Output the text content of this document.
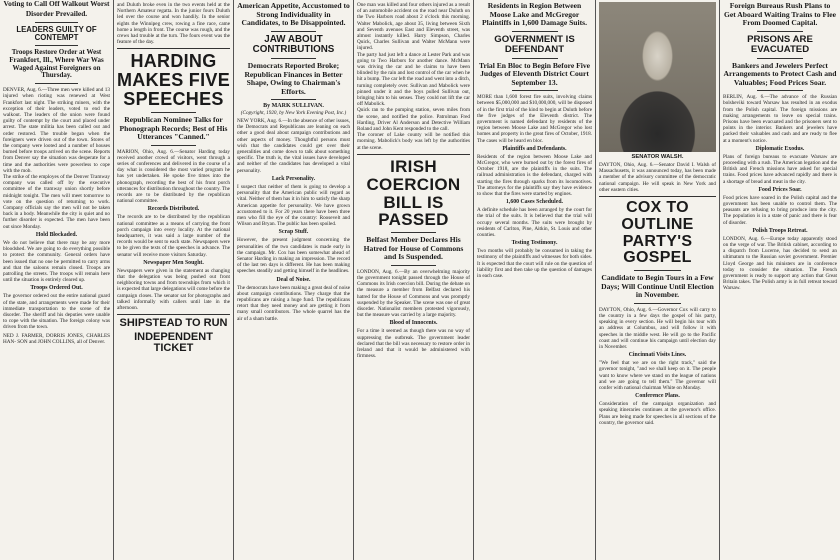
Voting to Call Off Walkout Worst
Disorder Prevailed.
LEADERS GUILTY OF CONTEMPT
Troops Restore Order at West Frankfort, Ill., Where War Was Waged Against Foreigners on Thursday.

DENVER, Aug. 6.—Three men were killed and 13 injured when rioting was renewed at West Frankfort last night. The striking miners, with the exception of their leaders, voted to end the walkout. The leaders of the union were found guilty of contempt by the court and placed under arrest. The state militia has been called out and order restored. The trouble began when the foreigners were driven out of the town. Stores of the company were looted and a number of houses burned before troops arrived on the scene. Reports from Denver say the situation was desperate for a time and the authorities were powerless to cope with the mob.

The strike of the employes of the Denver Tramway company was called off by the executive committee of the tramway union shortly before midnight tonight. The men will meet tomorrow to vote on the question of returning to work. Company officials say the men will not be taken back in a body. Meanwhile the city is quiet and no further disorder is expected. The men have been out since Monday.

Hold Blockaded.

We do not believe that there may be any more bloodshed. We are going to do everything possible to protect the community. General orders have been issued that no one be permitted to carry arms and that the saloons remain closed. Troops are patrolling the streets. The troops will remain here until the situation is entirely cleared up.

Troops Ordered Out.

The governor ordered out the entire national guard of the state, and arrangements were made for their immediate transportation to the scene of the disorder. The sheriff and his deputies were unable to cope with the situation. The foreign colony was driven from the town.

NED J. FARMER, DORRIS JONES, CHARLES HAN- SON and JOHN COLLINS, all of Denver.

and Duluth broke even in the two events held at the Northern Amateur regatta. In the junior fours Duluth led over the course and won handily. In the senior eights the Winnipeg crew, rowing a fine race, came home a length in front. The course was rough, and the crews had trouble at the turn. The fours event was the feature of the day.

HARDING MAKES FIVE SPEECHES
Republican Nominee Talks for Phonograph Records; Best of His Utterances "Canned."

MARION, Ohio, Aug. 6.—Senator Harding today received another crowd of visitors, went through a series of conferences and delivered in the course of a day what is considered the most varied program he has yet undertaken. He spoke five times into the phonograph, recording the best of his front porch utterances for distribution throughout the country. The records are to be distributed by the republican national committee.

Records Distributed.

The records are to be distributed by the republican national committee as a means of carrying the front porch campaign into every locality. At the national headquarters, it was said a large number of the records would be sent to each state. Newspapers were to be given the texts of the speeches in advance. The senator will receive more visitors Saturday.

Newspaper Men Sought.

Newspapers were given in the statement as changing that the delegation was being pushed out front neighboring towns and from townships from which it is expected that large delegations will come before the campaign closes. The senator sat for photographs and talked informally with callers until late in the afternoon.

SHIPSTEAD TO RUN
INDEPENDENT TICKET
American Appetite, Accustomed to Strong Individuality in Candidates, to Be Disappointed.
JAW ABOUT CONTRIBUTIONS
Democrats Reported Broke; Republican Finances in Better Shape, Owing to Chairman's Efforts.
By MARK SULLIVAN.
(Copyright, 1920, by New York Evening Post, Inc.)

NEW YORK, Aug. 6.—In the absence of other issues, the Democrats and Republicans are leaning on each other a good deal about campaign contributions and other aspects of money. Thoughtful persons must wish that the candidates could get over their generalities and come down to talk about something specific. The truth is, the vital issues have developed and neither of the candidates has developed a vital personality.

Lack Personality.

I suspect that neither of them is going to develop a personality that the American public will regard as vital. Neither of them has it in him to satisfy the sharp American appetite for personality. We have grown accustomed to it. For 20 years there have been three men who fill the eye of the country: Roosevelt and Wilson and Bryan. The public has been spoiled.

Scrap Stuff.

However, the present judgment concerning the personalities of the two candidates is made early in the campaign. Mr. Cox has been somewhat ahead of Senator Harding in making an impression. The record of the last ten days is different. He has been making speeches steadily and getting himself in the headlines.

Deal of Noise.

The democrats have been making a great deal of noise about campaign contributions. They charge that the republicans are raising a huge fund. The republicans retort that they need money and are getting it from many small contributors. The whole quarrel has the air of a sham battle.

One man was killed and four others injured as a result of an automobile accident on the road near Duluth on the Two Harbors road about 2 o'clock this morning. Walter Mabolick, age about 35, living between Sixth and Seventh avenues East and Eleventh street, was almost instantly killed. Harry Simpson, Charles Quick, Charles Sullivan and Walter McMann were injured.

The party had just left a dance at Lester Park and was going to Two Harbors for another dance. McMann was driving the car and he claims to have been blinded by the rain and lost control of the car when he hit a bump. The car left the road and went into a ditch, turning completely over. Sullivan and Mabolick were pinned under it and the boys pulled Sullivan out, bringing him to his senses. They could not lift the car off Mabolick.

Quick ran to the pumping station, seven miles from the scene, and notified the police. Patrolman Fred Harding, Driver Al Anderson and Detective William Roland and John Kent responded to the call.

The coroner of Lake county will be notified this morning. Mabolick's body was left by the authorities at the scene.

IRISH COERCION BILL IS PASSED
Belfast Member Declares His Hatred for House of Commons and Is Suspended.

LONDON, Aug. 6.—By an overwhelming majority the government tonight passed through the House of Commons its Irish coercion bill. During the debate on the measure a member from Belfast declared his hatred for the House of Commons and was promptly suspended by the Speaker. The scene was one of great disorder. Nationalist members protested vigorously, but the measure was carried by a large majority.

Blood of Innocents.

For a time it seemed as though there was no way of suppressing the outbreak. The government leader declared that the bill was necessary to restore order in Ireland and that it would be administered with firmness.

Residents in Region Between Moose Lake and McGregor Plaintiffs in 1,600 Damage Suits.
GOVERNMENT IS DEFENDANT
Trial En Bloc to Begin Before Five Judges of Eleventh District Court September 13.

MORE than 1,600 forest fire suits, involving claims between $5,000,000 and $10,000,000, will be disposed of in the first trial of the kind to begin at Duluth before the five judges of the Eleventh district. The government is named defendant by residents of the region between Moose Lake and McGregor who lost homes and property in the great fires of October, 1918. The cases will be heard en bloc.

Plaintiffs and Defendants.

Residents of the region between Moose Lake and McGregor, who were burned out by the forest fires of October 1918, are the plaintiffs in the suits. The railroad administration is the defendant, charged with starting the fires through sparks from its locomotives. The attorneys for the plaintiffs say they have evidence to show that the fires were started by engines.

1,600 Cases Scheduled.

A definite schedule has been arranged by the court for the trial of the suits. It is believed that the trial will occupy several months. The suits were brought by residents of Carlton, Pine, Aitkin, St. Louis and other counties.

Testing Testimony.

Two months will probably be consumed in taking the testimony of the plaintiffs and witnesses for both sides. It is expected that the court will rule on the question of liability first and then take up the question of damages in each case.

SENATOR WALSH.

DAYTON, Ohio, Aug. 6.—Senator David I. Walsh of Massachusetts, it was announced today, has been made a member of the advisory committee of the democratic national campaign. He will speak in New York and other eastern cities.

COX TO OUTLINE PARTY'S GOSPEL
Candidate to Begin Tours in a Few Days; Will Continue Until Election in November.

DAYTON, Ohio, Aug. 6.—Governor Cox will carry to the country in a few days the gospel of his party, speaking in every section. He will begin his tour with an address at Columbus, and will follow it with speeches in the middle west. He will go to the Pacific coast and will continue his campaign until election day in November.

Cincinnati Visits Lines.

"We feel that we are on the right track," said the governor tonight, "and we shall keep on it. The people want to know where we stand on the league of nations and we are going to tell them." The governor will confer with national chairman White on Monday.

Conference Plans.

Consideration of the campaign organization and speaking itineraries continues at the governor's office. Plans are being made for speeches in all sections of the country, the governor said.

Foreign Bureaus Rush Plans to Get Aboard Waiting Trains to Flee From Doomed Capital.
PRISONS ARE EVACUATED
Bankers and Jewelers Perfect Arrangements to Protect Cash and Valuables; Food Prices Soar.

BERLIN, Aug. 6.—The advance of the Russian bolsheviki toward Warsaw has resulted in an exodus from the Polish capital. The foreign missions are making arrangements to leave on special trains. Prisons have been evacuated and the prisoners sent to points in the interior. Bankers and jewelers have packed their valuables and cash and are ready to flee at a moment's notice.

Diplomatic Exodus.

Plans of foreign bureaus to evacuate Warsaw are proceeding with a rush. The American legation and the British and French missions have asked for special trains. Food prices have advanced rapidly and there is a shortage of bread and meat in the city.

Food Prices Soar.

Food prices have soared in the Polish capital and the government has been unable to control them. The peasants are refusing to bring produce into the city. The population is in a state of panic and there is fear of disorder.

Polish Troops Retreat.

LONDON, Aug. 6.—Europe today apparently stood on the verge of war. The British cabinet, according to a dispatch from Lucerne, has decided to send an ultimatum to the Russian soviet government. Premier Lloyd George and his ministers are in conference today to consider the situation. The French government is ready to support any action that Great Britain takes. The Polish army is in full retreat toward Warsaw.
